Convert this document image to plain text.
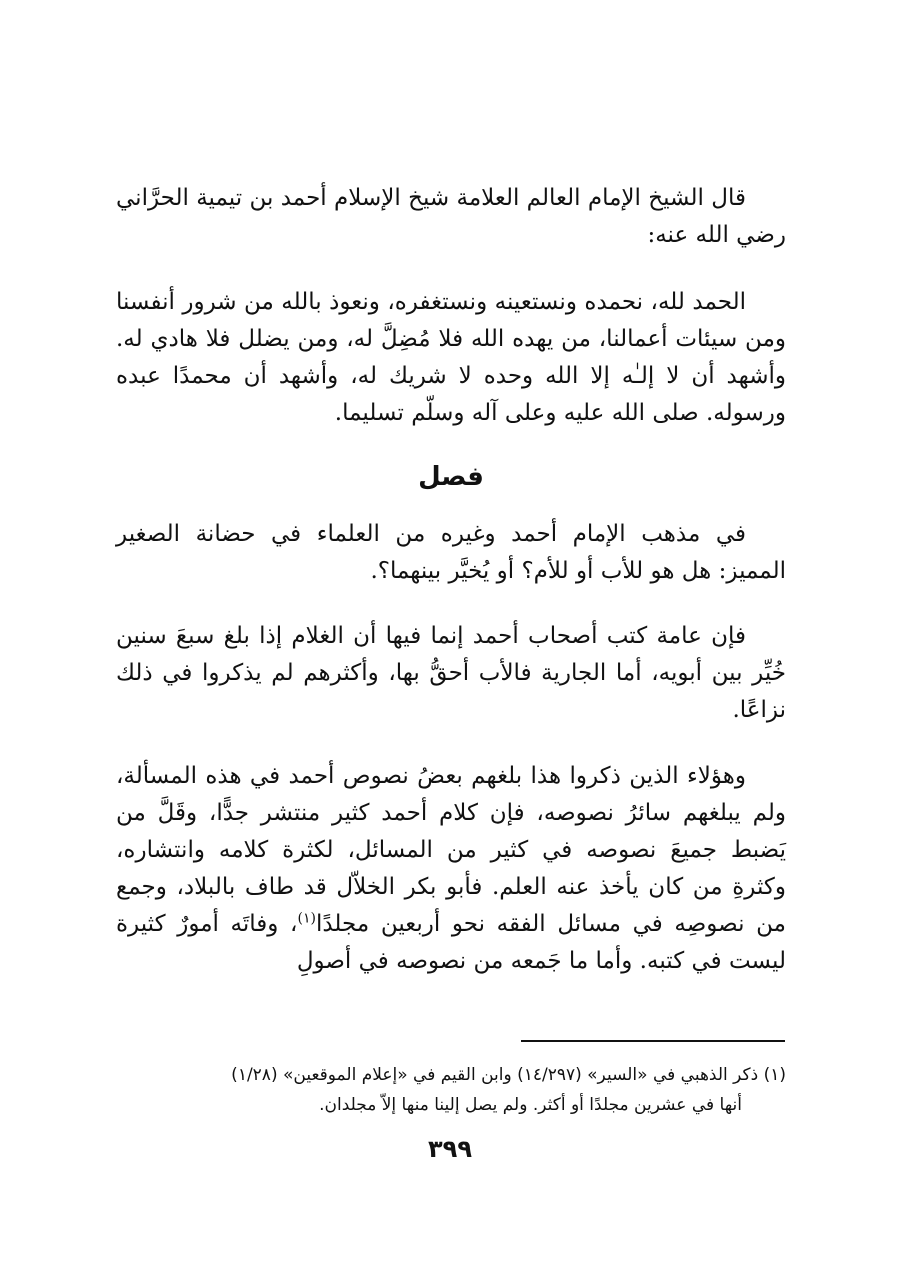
قال الشيخ الإمام العالم العلامة شيخ الإسلام أحمد بن تيمية الحرَّاني رضي الله عنه:

الحمد لله، نحمده ونستعينه ونستغفره، ونعوذ بالله من شرور أنفسنا ومن سيئات أعمالنا، من يهده الله فلا مُضِلَّ له، ومن يضلل فلا هادي له. وأشهد أن لا إلـٰه إلا الله وحده لا شريك له، وأشهد أن محمدًا عبده ورسوله. صلى الله عليه وعلى آله وسلّم تسليما.

فصل

في مذهب الإمام أحمد وغيره من العلماء في حضانة الصغير المميز: هل هو للأب أو للأم؟ أو يُخيَّر بينهما؟.

فإن عامة كتب أصحاب أحمد إنما فيها أن الغلام إذا بلغ سبعَ سنين خُيِّر بين أبويه، أما الجارية فالأب أحقُّ بها، وأكثرهم لم يذكروا في ذلك نزاعًا.

وهؤلاء الذين ذكروا هذا بلغهم بعضُ نصوص أحمد في هذه المسألة، ولم يبلغهم سائرُ نصوصه، فإن كلام أحمد كثير منتشر جدًّا، وقَلَّ من يَضبط جميعَ نصوصه في كثير من المسائل، لكثرة كلامه وانتشاره، وكثرةِ من كان يأخذ عنه العلم. فأبو بكر الخلاّل قد طاف بالبلاد، وجمع من نصوصِه في مسائل الفقه نحو أربعين مجلدًا$^{(١)}$، وفاتَه أمورٌ كثيرة ليست في كتبه. وأما ما جَمعه من نصوصه في أصولِ

(١) ذكر الذهبي في «السير» (١٤/٢٩٧) وابن القيم في «إعلام الموقعين» (١/٢٨)
أنها في عشرين مجلدًا أو أكثر. ولم يصل إلينا منها إلاّ مجلدان.
٣٩٩
